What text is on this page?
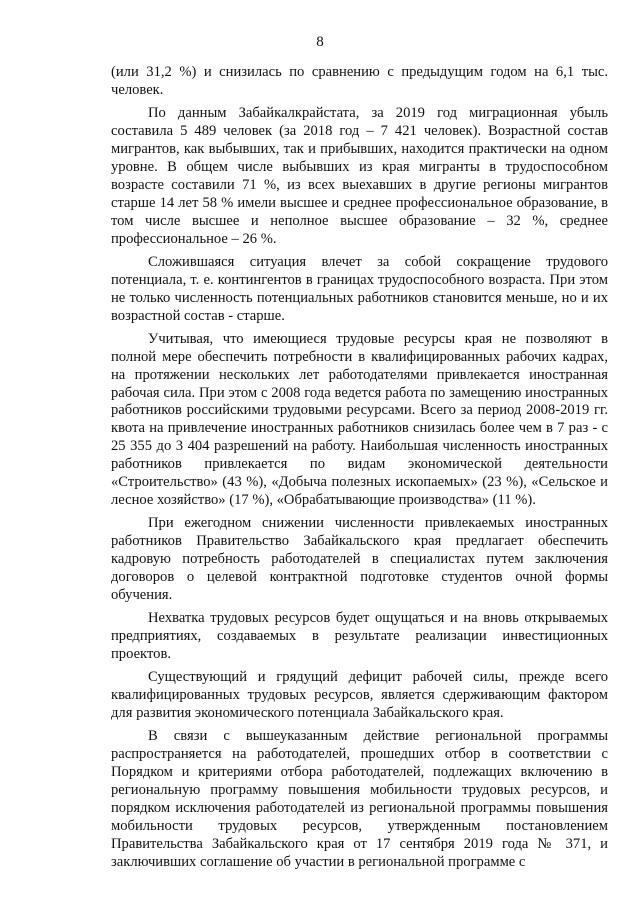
8

(или 31,2 %) и снизилась по сравнению с предыдущим годом на 6,1 тыс. человек.

По данным Забайкалкрайстата, за 2019 год миграционная убыль составила 5 489 человек (за 2018 год – 7 421 человек). Возрастной состав мигрантов, как выбывших, так и прибывших, находится практически на одном уровне. В общем числе выбывших из края мигранты в трудоспособном возрасте составили 71 %, из всех выехавших в другие регионы мигрантов старше 14 лет 58 % имели высшее и среднее профессиональное образование, в том числе высшее и неполное высшее образование – 32 %, среднее профессиональное – 26 %.

Сложившаяся ситуация влечет за собой сокращение трудового потенциала, т. е. контингентов в границах трудоспособного возраста. При этом не только численность потенциальных работников становится меньше, но и их возрастной состав - старше.

Учитывая, что имеющиеся трудовые ресурсы края не позволяют в полной мере обеспечить потребности в квалифицированных рабочих кадрах, на протяжении нескольких лет работодателями привлекается иностранная рабочая сила. При этом с 2008 года ведется работа по замещению иностранных работников российскими трудовыми ресурсами. Всего за период 2008-2019 гг. квота на привлечение иностранных работников снизилась более чем в 7 раз - с 25 355 до 3 404 разрешений на работу. Наибольшая численность иностранных работников привлекается по видам экономической деятельности «Строительство» (43 %), «Добыча полезных ископаемых» (23 %), «Сельское и лесное хозяйство» (17 %), «Обрабатывающие производства» (11 %).

При ежегодном снижении численности привлекаемых иностранных работников Правительство Забайкальского края предлагает обеспечить кадровую потребность работодателей в специалистах путем заключения договоров о целевой контрактной подготовке студентов очной формы обучения.

Нехватка трудовых ресурсов будет ощущаться и на вновь открываемых предприятиях, создаваемых в результате реализации инвестиционных проектов.

Существующий и грядущий дефицит рабочей силы, прежде всего квалифицированных трудовых ресурсов, является сдерживающим фактором для развития экономического потенциала Забайкальского края.

В связи с вышеуказанным действие региональной программы распространяется на работодателей, прошедших отбор в соответствии с Порядком и критериями отбора работодателей, подлежащих включению в региональную программу повышения мобильности трудовых ресурсов, и порядком исключения работодателей из региональной программы повышения мобильности трудовых ресурсов, утвержденным постановлением Правительства Забайкальского края от 17 сентября 2019 года № 371, и заключивших соглашение об участии в региональной программе с
